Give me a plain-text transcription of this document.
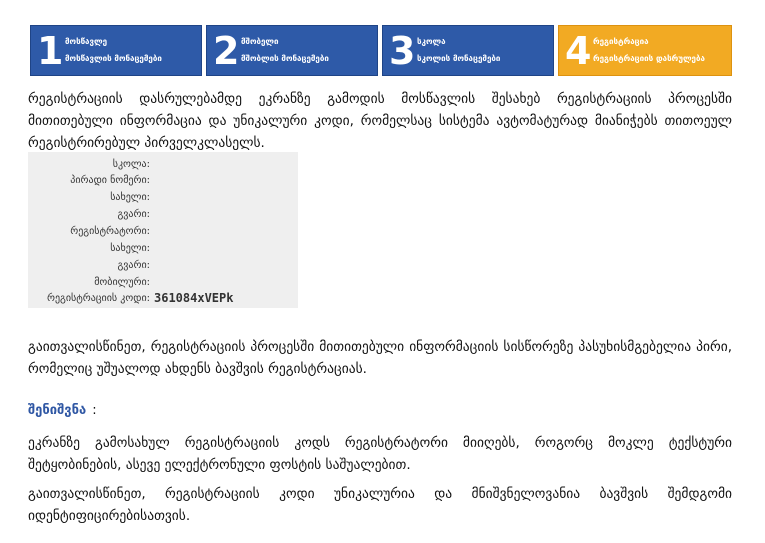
1 მოსწავლე
მოსწავლის მონაცემები 2 მშობელი
მშობლის მონაცემები 3 სკოლა
სკოლის მონაცემები 4 რეგისტრაცია
რეგისტრაციის დასრულება

რეგისტრაციის დასრულებამდე ეკრანზე გამოდის მოსწავლის შესახებ რეგისტრაციის პროცესში მითითებული ინფორმაცია და უნიკალური კოდი, რომელსაც სისტემა ავტომატურად მიანიჭებს თითოეულ რეგისტრირებულ პირველკლასელს.

სკოლა:
პირადი ნომერი:
სახელი:
გვარი:
რეგისტრატორი:
სახელი:
გვარი:
მობილური:
რეგისტრაციის კოდი: 361084xVEPk

გაითვალისწინეთ, რეგისტრაციის პროცესში მითითებული ინფორმაციის სისწორეზე პასუხისმგებელია პირი, რომელიც უშუალოდ ახდენს ბავშვის რეგისტრაციას.

შენიშვნა :

ეკრანზე გამოსახულ რეგისტრაციის კოდს რეგისტრატორი მიიღებს, როგორც მოკლე ტექსტური შეტყობინების, ასევე ელექტრონული ფოსტის საშუალებით.

გაითვალისწინეთ, რეგისტრაციის კოდი უნიკალურია და მნიშვნელოვანია ბავშვის შემდგომი იდენტიფიცირებისათვის.
